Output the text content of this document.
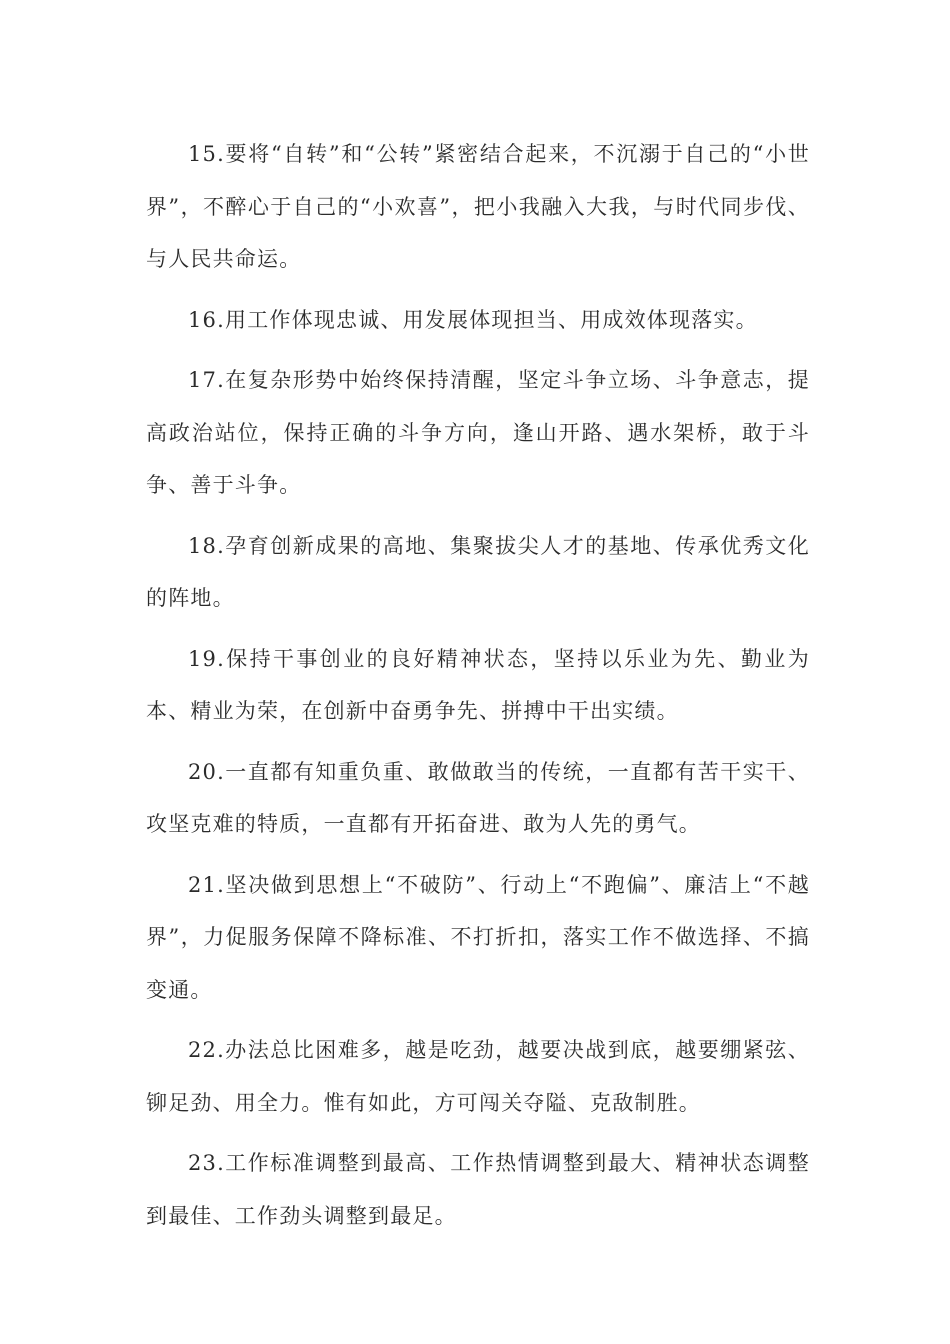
15.要将“自转”和“公转”紧密结合起来，不沉溺于自己的“小世界”，不醉心于自己的“小欢喜”，把小我融入大我，与时代同步伐、与人民共命运。

16.用工作体现忠诚、用发展体现担当、用成效体现落实。

17.在复杂形势中始终保持清醒，坚定斗争立场、斗争意志，提高政治站位，保持正确的斗争方向，逢山开路、遇水架桥，敢于斗争、善于斗争。

18.孕育创新成果的高地、集聚拔尖人才的基地、传承优秀文化的阵地。

19.保持干事创业的良好精神状态，坚持以乐业为先、勤业为本、精业为荣，在创新中奋勇争先、拼搏中干出实绩。

20.一直都有知重负重、敢做敢当的传统，一直都有苦干实干、攻坚克难的特质，一直都有开拓奋进、敢为人先的勇气。

21.坚决做到思想上“不破防”、行动上“不跑偏”、廉洁上“不越界”，力促服务保障不降标准、不打折扣，落实工作不做选择、不搞变通。

22.办法总比困难多，越是吃劲，越要决战到底，越要绷紧弦、铆足劲、用全力。惟有如此，方可闯关夺隘、克敌制胜。

23.工作标准调整到最高、工作热情调整到最大、精神状态调整到最佳、工作劲头调整到最足。
